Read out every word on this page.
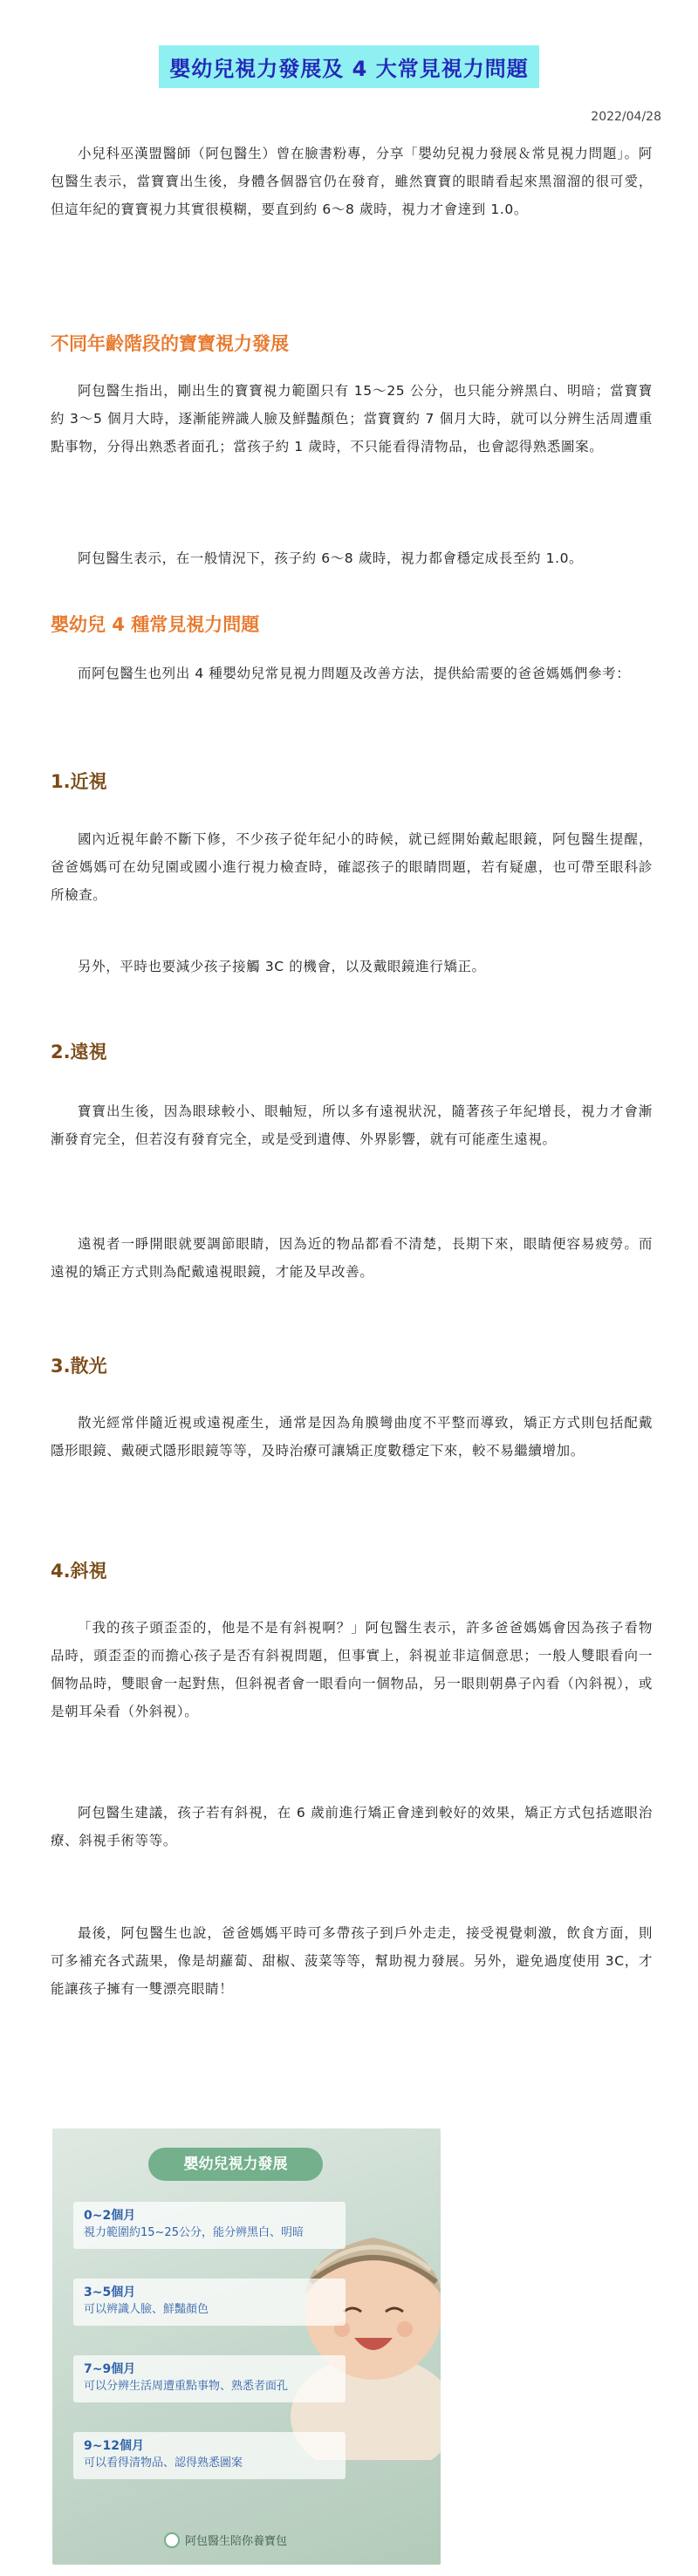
嬰幼兒視力發展及 4 大常見視力問題
2022/04/28

小兒科巫漢盟醫師（阿包醫生）曾在臉書粉專，分享「嬰幼兒視力發展＆常見視力問題」。阿包醫生表示，當寶寶出生後，身體各個器官仍在發育，雖然寶寶的眼睛看起來黑溜溜的很可愛，但這年紀的寶寶視力其實很模糊，要直到約 6～8 歲時，視力才會達到 1.0。

不同年齡階段的寶寶視力發展

阿包醫生指出，剛出生的寶寶視力範圍只有 15～25 公分，也只能分辨黑白、明暗；當寶寶約 3～5 個月大時，逐漸能辨識人臉及鮮豔顏色；當寶寶約 7 個月大時，就可以分辨生活周遭重點事物，分得出熟悉者面孔；當孩子約 1 歲時，不只能看得清物品，也會認得熟悉圖案。

阿包醫生表示，在一般情況下，孩子約 6～8 歲時，視力都會穩定成長至約 1.0。

嬰幼兒 4 種常見視力問題

而阿包醫生也列出 4 種嬰幼兒常見視力問題及改善方法，提供給需要的爸爸媽媽們參考：

1.近視

國內近視年齡不斷下修，不少孩子從年紀小的時候，就已經開始戴起眼鏡，阿包醫生提醒，爸爸媽媽可在幼兒園或國小進行視力檢查時，確認孩子的眼睛問題，若有疑慮，也可帶至眼科診所檢查。

另外，平時也要減少孩子接觸 3C 的機會，以及戴眼鏡進行矯正。

2.遠視

寶寶出生後，因為眼球較小、眼軸短，所以多有遠視狀況，隨著孩子年紀增長，視力才會漸漸發育完全，但若沒有發育完全，或是受到遺傳、外界影響，就有可能產生遠視。

遠視者一睜開眼就要調節眼睛，因為近的物品都看不清楚，長期下來，眼睛便容易疲勞。而遠視的矯正方式則為配戴遠視眼鏡，才能及早改善。

3.散光

散光經常伴隨近視或遠視產生，通常是因為角膜彎曲度不平整而導致，矯正方式則包括配戴隱形眼鏡、戴硬式隱形眼鏡等等，及時治療可讓矯正度數穩定下來，較不易繼續增加。

4.斜視

「我的孩子頭歪歪的，他是不是有斜視啊？」阿包醫生表示，許多爸爸媽媽會因為孩子看物品時，頭歪歪的而擔心孩子是否有斜視問題，但事實上，斜視並非這個意思；一般人雙眼看向一個物品時，雙眼會一起對焦，但斜視者會一眼看向一個物品，另一眼則朝鼻子內看（內斜視），或是朝耳朵看（外斜視）。

阿包醫生建議，孩子若有斜視，在 6 歲前進行矯正會達到較好的效果，矯正方式包括遮眼治療、斜視手術等等。

最後，阿包醫生也說，爸爸媽媽平時可多帶孩子到戶外走走，接受視覺刺激，飲食方面，則可多補充各式蔬果，像是胡蘿蔔、甜椒、菠菜等等，幫助視力發展。另外，避免過度使用 3C，才能讓孩子擁有一雙漂亮眼睛！

嬰幼兒視力發展
0~2個月
視力範圍約15~25公分，能分辨黑白、明暗
3~5個月
可以辨識人臉、鮮豔顏色
7~9個月
可以分辨生活周遭重點事物、熟悉者面孔
9~12個月
可以看得清物品、認得熟悉圖案
阿包醫生陪你養寶包
